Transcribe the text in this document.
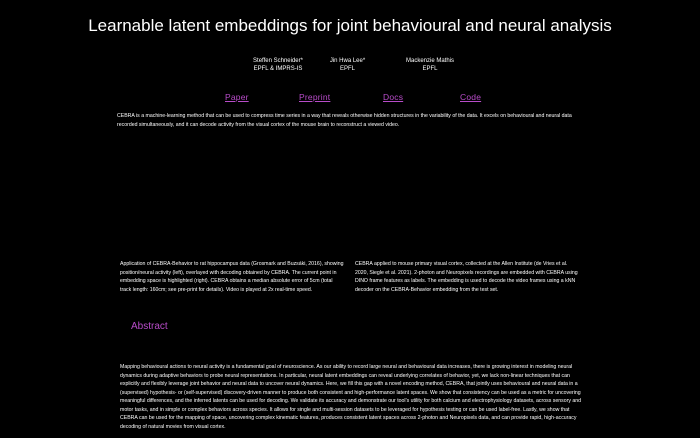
Learnable latent embeddings for joint behavioural and neural analysis
Steffen Schneider*
EPFL & IMPRS-IS
Jin Hwa Lee*
EPFL
Mackenzie Mathis
EPFL
Paper	Preprint	Docs	Code

CEBRA is a machine-learning method that can be used to compress time series in a way that reveals otherwise hidden structures in the variability of the data. It excels on behavioural and neural data recorded simultaneously, and it can decode activity from the visual cortex of the mouse brain to reconstruct a viewed video.

Application of CEBRA-Behavior to rat hippocampus data (Grosmark and Buzsáki, 2016), showing position/neural activity (left), overlayed with decoding obtained by CEBRA. The current point in embedding space is highlighted (right). CEBRA obtains a median absolute error of 5cm (total track length: 160cm; see pre-print for details). Video is played at 2x real-time speed.

CEBRA applied to mouse primary visual cortex, collected at the Allen Institute (de Vries et al. 2020, Siegle et al. 2021). 2-photon and Neuropixels recordings are embedded with CEBRA using DINO frame features as labels. The embedding is used to decode the video frames using a kNN decoder on the CEBRA-Behavior embedding from the test set.

Abstract

Mapping behavioural actions to neural activity is a fundamental goal of neuroscience. As our ability to record large neural and behavioural data increases, there is growing interest in modeling neural dynamics during adaptive behaviors to probe neural representations. In particular, neural latent embeddings can reveal underlying correlates of behavior, yet, we lack non-linear techniques that can explicitly and flexibly leverage joint behavior and neural data to uncover neural dynamics. Here, we fill this gap with a novel encoding method, CEBRA, that jointly uses behavioural and neural data in a (supervised) hypothesis- or (self-supervised) discovery-driven manner to produce both consistent and high-performance latent spaces. We show that consistency can be used as a metric for uncovering meaningful differences, and the inferred latents can be used for decoding. We validate its accuracy and demonstrate our tool's utility for both calcium and electrophysiology datasets, across sensory and motor tasks, and in simple or complex behaviors across species. It allows for single and multi-session datasets to be leveraged for hypothesis testing or can be used label-free. Lastly, we show that CEBRA can be used for the mapping of space, uncovering complex kinematic features, produces consistent latent spaces across 2-photon and Neuropixels data, and can provide rapid, high-accuracy decoding of natural movies from visual cortex.
